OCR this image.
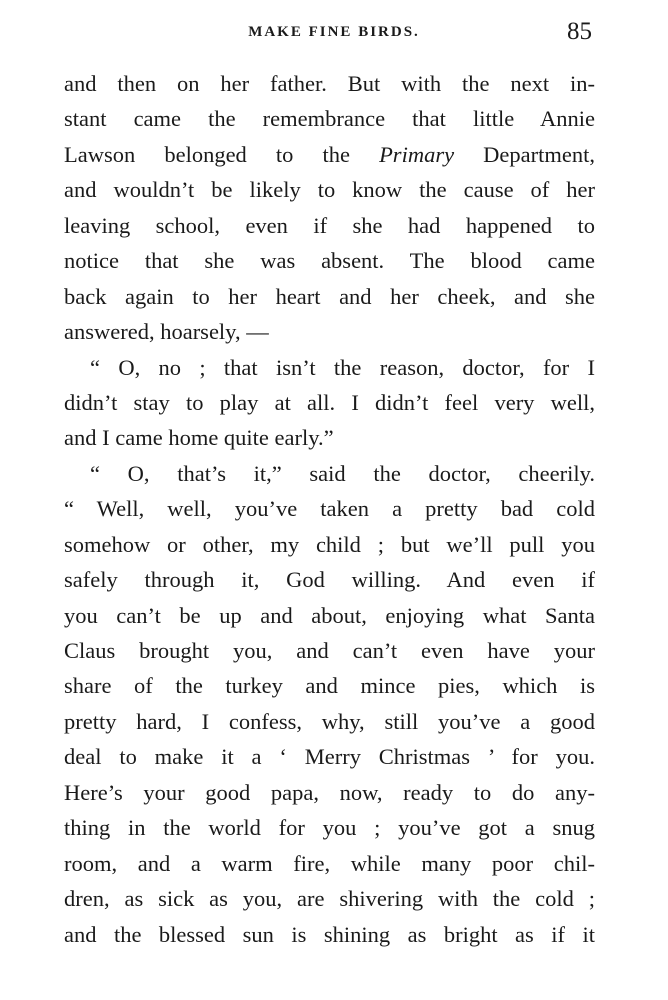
MAKE FINE BIRDS.	85
and then on her father. But with the next in-
stant came the remembrance that little Annie
Lawson belonged to the Primary Department,
and wouldn’t be likely to know the cause of her
leaving school, even if she had happened to
notice that she was absent. The blood came
back again to her heart and her cheek, and she
answered, hoarsely, —
“ O, no ; that isn’t the reason, doctor, for I
didn’t stay to play at all. I didn’t feel very well,
and I came home quite early.”
“ O, that’s it,” said the doctor, cheerily.
“ Well, well, you’ve taken a pretty bad cold
somehow or other, my child ; but we’ll pull you
safely through it, God willing. And even if
you can’t be up and about, enjoying what Santa
Claus brought you, and can’t even have your
share of the turkey and mince pies, which is
pretty hard, I confess, why, still you’ve a good
deal to make it a ‘ Merry Christmas ’ for you.
Here’s your good papa, now, ready to do any-
thing in the world for you ; you’ve got a snug
room, and a warm fire, while many poor chil-
dren, as sick as you, are shivering with the cold ;
and the blessed sun is shining as bright as if it
